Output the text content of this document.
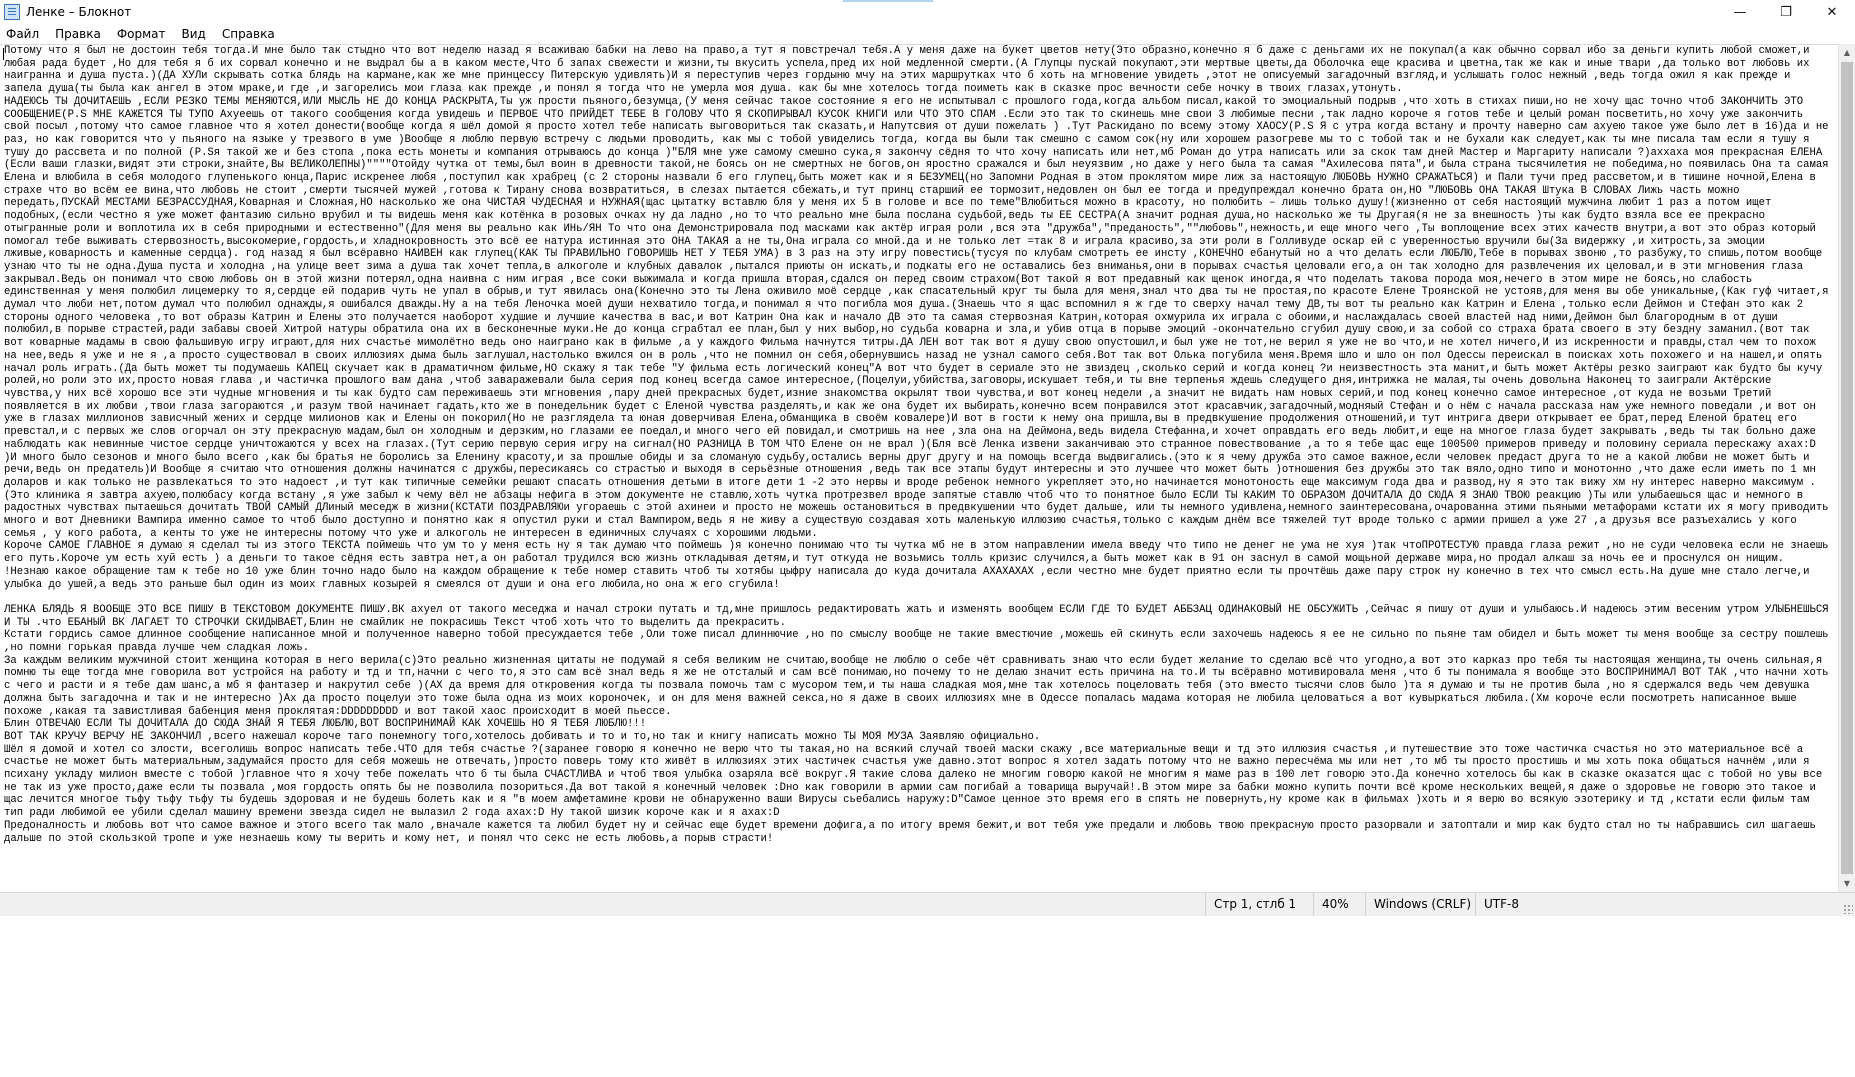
Ленке – Блокнот	—	❐	✕
Файл	Правка	Формат	Вид	Справка
Потому что я был не достоин тебя тогда.И мне было так стыдно что вот неделю назад я всаживаю бабки на лево на право,а тут я повстречал тебя.А у меня даже на букет цветов нету(Это образно,конечно я б даже с деньгами их не покупал(а как обычно сорвал ибо за деньги купить любой сможет,и любая рада будет ,Но для тебя я б их сорвал конечно и не выдрал бы а в каком месте,Что б запах свежести и жизни,ты вкусить успела,пред их ной медленной смерти.(А Глупцы пускай покупают,эти мертвые цветы,да Оболочка еще красива и цветна,так же как и иные твари ,да только вот любовь их наигранна и душа пуста.)(ДА ХУЛи скрывать сотка блядь на кармане,как же мне принцессу Питерскую удивлять)И я переступив через гордыню мчу на этих маршрутках что б хоть на мгновение увидеть ,этот не описуемый загадочный взгляд,и услышать голос нежный ,ведь тогда ожил я как прежде и запела душа(ты была как ангел в этом мраке,и где ,и загорелись мои глаза как прежде ,и понял я тогда что не умерла моя душа. как бы мне хотелось тогда поиметь как в сказке прос вечности себе ночку в твоих глазах,утонуть.
НАДЕЮСЬ ТЫ ДОЧИТАЕШЬ ,ЕСЛИ РЕЗКО ТЕМЫ МЕНЯЮТСЯ,ИЛИ МЫСЛЬ НЕ ДО КОНЦА РАСКРЫТА,Ты уж прости пьяного,безумца,(У меня сейчас такое состояние я его не испытывал с прошлого года,когда альбом писал,какой то эмоциальный подрыв ,что хоть в стихах пиши,но не хочу щас точно чтоб ЗАКОНЧИТЬ ЭТО СООБЩЕНИЕ(P.S МНЕ КАЖЕТСЯ ТЫ ТУПО Ахуеешь от такого сообщения когда увидешь и ПЕРВОЕ ЧТО ПРИЙДЕТ ТЕБЕ В ГОЛОВУ ЧТО Я СКОПИРЫВАЛ КУСОК КНИГИ или ЧТО ЭТО СПАМ .Если это так то скинешь мне свои 3 любимые песни ,так ладно короче я готов тебе и целый роман посветить,но хочу уже закончить свой посыл ,потому что самое главное что я хотел донести(вообще когда я шёл домой я просто хотел тебе написать выговориться так сказать,и Напутсвия от души пожелать ) .Тут Раскидано по всему этому ХАОСУ(P.S Я с утра когда встану и прочту наверно сам ахуею такое уже было лет в 16)да и не раз, но как говорится что у пьяного на языке у трезвого в уме )Вообще я люблю первую встречу с людьми проводить, как мы с тобой увиделись тогда, когда вы были так смешно с самом сок(ну или хорошем разогреве мы то с тобой так и не бухали как следует,как ты мне писала там если я тушу я тушу до рассвета и по полной (P.Sя такой же и без стопа ,пока есть монеты и компания отрываюсь до конца )"БЛЯ мне уже самому смешно сука,я закончу сёдня то что хочу написать или нет,мб Роман до утра написать или за скок там дней Мастер и Маргариту написали ?)аххаха моя прекрасная ЕЛЕНА (Если ваши глазки,видят эти строки,знайте,Вы ВЕЛИКОЛЕПНЫ)""""Отойду чутка от темы,был воин в древности такой,не боясь он не смертных не богов,он яростно сражался и был неуязвим ,но даже у него была та самая "Ахилесова пята",и была страна тысячилетия не победима,но появилась Она та самая Елена и влюбила в себя молодого глупенького юнца,Парис искренее любя ,поступил как храбрец (с 2 стороны назвали б его глупец,быть может как и я БЕЗУМЕЦ(но Запомни Родная в этом проклятом мире лиж за настоящую ЛЮБОВЬ НУЖНО СРАЖАТЬСЯ) и Пали тучи пред рассветом,и в тишине ночной,Елена в страхе что во всём ее вина,что любовь не стоит ,смерти тысячей мужей ,готова к Тирану снова возвратиться, в слезах пытается сбежать,и тут принц старший ее тормозит,недовлен он был ее тогда и предупреждал конечно брата он,НО "ЛЮБОВЬ ОНА ТАКАЯ Штука В СЛОВАХ Лижь часть можно передать,ПУСКАЙ МЕСТАМИ БЕЗРАССУДНАЯ,Коварная и Сложная,НО насколько же она ЧИСТАЯ ЧУДЕСНАЯ и НУЖНАЯ(щас цытатку вставлю бля у меня их 5 в голове и все по теме"Влюбиться можно в красоту, но полюбить – лишь только душу!(жизненно от себя настоящий мужчина любит 1 раз а потом ищет подобных,(если честно я уже может фантазию сильно врубил и ты видешь меня как котёнка в розовых очках ну да ладно ,но то что реально мне была послана судьбой,ведь ты ЕЕ СЕСТРА(А значит родная душа,но насколько же ты Другая(я не за внешность )ты как будто взяла все ее прекрасно отыгранные роли и воплотила их в себя природными и естественно"(Для меня вы реально как ИНь/ЯН То что она Демонстрировала под масками как актёр играя роли ,вся эта "дружба","преданость",""любовь",нежность,и еще много чего ,Ты воплощение всех этих качеств внутри,а вот это образ который помогал тебе выживать стервозность,высокомерие,гордость,и хладнокровность это всё ее натура истинная это ОНА ТАКАЯ а не ты,Она играла со мной.да и не только лет =так 8 и играла красиво,за эти роли в Голливуде оскар ей с уверенностью вручили бы(За видержку ,и хитрость,за эмоции лживые,коварность и каменные сердца). год назад я был всёравно НАИВЕН как глупец(КАК ТЫ ПРАВИЛЬНО ГОВОРИШЬ НЕТ У ТЕБЯ УМА) в 3 раз на эту игру повестись(тусуя по клубам смотреть ее инсту ,КОНЕЧНО ебанутый но а что делать если ЛЮБЛЮ,Тебе в порывах звоню ,то разбужу,то спишь,потом вообще узнаю что ты не одна.Душа пуста и холодна ,на улице веет зима а душа так хочет тепла,в алкоголе и клубных давалок ,пытался приюты он искать,и подкаты его не оставались без вниманья,они в порывах счастья целовали его,а он так холодно для развлечения их целовал,и в эти мгновения глаза закрывал.Ведь он понимал что свою любовь он в этой жизни потерял,одна наивна с ним играя ,все соки выжимала и когда пришла вторая,сдался он перед своим страхом(Вот такой я вот предавный как щенок иногда,я что поделать такова порода моя,нечего в этом мире не боясь,но слабость единственная у меня полюбил лицемерку то я,сердце ей подарив чуть не упал в обрыв,и тут явилась она(Конечно это ты Лена оживило моё сердце ,как спасательный круг ты была для меня,знал что два ты не простая,по красоте Елене Троянской не устояв,для меня вы обе уникальные,(Как гуф читает,я думал что люби нет,потом думал что полюбил однажды,я ошибался дважды.Ну а на тебя Леночка моей души нехватило тогда,и понимал я что погибла моя душа.(Знаешь что я щас вспомнил я ж где то сверху начал тему ДВ,ты вот ты реально как Катрин и Елена ,только если Деймон и Стефан это как 2 стороны одного человека ,то вот образы Катрин и Елены это получается наоборот худшие и лучшие качества в вас,и вот Катрин Она как и начало ДВ это та самая стервозная Катрин,которая охмурила их играла с обоими,и наслаждалась своей властей над ними,Деймон был благородным в от души полюбил,в порыве страстей,ради забавы своей Хитрой натуры обратила она их в бесконечные муки.Не до конца сграбтал ее план,был у них выбор,но судьба коварна и зла,и убив отца в порыве эмоций -окончательно сгубил душу свою,и за собой со страха брата своего в эту бездну заманил.(вот так вот коварные мадамы в свою фальшивую игру играют,для них счастье мимолётно ведь оно наиграно как в фильме ,а у каждого Фильма начнутся титры.ДА ЛЕН вот так вот я душу свою опустошил,и был уже не тот,не верил я уже не во что,и не хотел ничего,И из искренности и правды,стал чем то похож на нее,ведь я уже и не я ,а просто существовал в своих иллюзиях дыма быль заглушал,настолько вжился он в роль ,что не помнил он себя,обернувшись назад не узнал самого себя.Вот так вот Олька погубила меня.Время шло и шло он пол Одессы переискал в поисках хоть похожего и на нашел,и опять начал роль играть.(Да быть может ты подумаешь КАПЕЦ скучает как в драматичном фильме,НО скажу я так тебе "У фильма есть логический конец"А вот что будет в сериале это не звиздец ,сколько серий и когда конец ?и неизвестность эта манит,и быть может Актёры резко заиграют как будто бы кучу ролей,но роли это их,просто новая глава ,и частичка прошлого вам дана ,чтоб заваражевали была серия под конец всегда самое интересное,(Поцелуи,убийства,заговоры,искушает тебя,и ты вне терпенья ждешь следущего дня,интрижка не малая,ты очень довольна Наконец то заиграли Актёрские чувства,у них всё хорошо все эти чудные мгновения и ты как будто сам переживаешь эти мгновения ,пару дней прекрасных будет,изние знакомства окрылят твои чувства,и вот конец недели ,а значит не видать нам новых серий,и под конец конечно самое интересное ,от куда не возьми Третий появляется в их любви ,твои глаза загораются ,и разум твой начинает гадать,кто же в понедельник будет с Еленой чувства разделять,и как же она будет их выбирать,конечно всем понравился этот красавчик,загадочный,модняый Стефан и о нём с начала рассказа нам уже немного поведали ,и вот он уже в глазах миллионов зависчный жених и сердце милионов как и Елены он покорил(Но не разглядела та юная доверчивая Елена,обманщика в своём ковалере)И вот в гости к нему она пришла,вы в предвкушение продолжения отношений,и тут интрига двери открывает ее брат,перед Еленой братец его превстал,и с первых же слов огорчал он эту прекрасную мадам,был он холодным и дерзким,но глазами ее поедал,и много чего ей повидал,и смотришь на нее ,зла она на Деймона,ведь видела Стефанна,и хочет оправдать его ведь любит,и еще на многое глаза будет закрывать ,ведь ты так больно даже наблюдать как невинные чистое сердце уничтожаются у всех на глазах.(Тут серию первую серия игру на сигнал(НО РАЗНИЦА В ТОМ ЧТО Елене он не врал )(Бля всё Ленка извени заканчиваю это странное повествование ,а то я тебе щас еще 100500 примеров приведу и половину сериала перескажу ахах:D )И много было сезонов и много было всего ,как бы братья не боролись за Еленину красоту,и за прошлые обиды и за сломаную судьбу,остались верны друг другу и на помощь всегда выдвигались.(это к я чему дружба это самое важное,если человек предаст друга то не а какой любви не может быть и речи,ведь он предатель)И Вообще я считаю что отношения должны начинатся с дружбы,пересикаясь со страстью и выходя в серьёзные отношения ,ведь так все этапы будут интересны и это лучшее что может быть )отношения без дружбы это так вяло,одно типо и монотонно ,что даже если иметь по 1 мн доларов и как только не развлекаться то это надоест ,и тут как типичные семейки решают спасать отношения детьми в итоге дети 1 -2 это нервы и вроде ребенок немного укрепляет это,но начинается монотоность еще максимум года два и развод,ну я это так вижу хм ну интерес наверно максимум .(Это клиника я завтра ахуею,полюбасу когда встану ,я уже забыл к чему вёл не абзацы нефига в этом документе не ставлю,хоть чутка протрезвел вроде запятые ставлю чтоб что то понятное было ЕСЛИ ТЫ КАКИМ ТО ОБРАЗОМ ДОЧИТАЛА ДО СЮДА Я ЗНАЮ ТВОЮ реакцию )Ты или улыбаешься щас и немного в радостных чувствах пытаешься дочитать ТВОЙ САМЫЙ ДЛиный меседж в жизни(КСТАТИ ПОЗДРАВЛЯЮи угораешь с этой ахинеи и просто не можешь остановиться в предвкушении что будет дальше, или ты немного удивлена,немного заинтересована,очарованна этими пьяными метафорами кстати их я могу приводить много и вот Дневники Вампира именно самое то чтоб было доступно и понятно как я опустил руки и стал Вампиром,ведь я не живу а существую создавая хоть маленькую иллюзию счастья,только с каждым днём все тяжелей тут вроде только с армии пришел а уже 27 ,а друзья все разъехались у кого семья , у кого работа, а кенты то уже не интересны потому что уже и алкоголь не интересен в единичных случаях с хорошими людьми.
Короче САМОЕ ГЛАВНОЕ я думаю я сделал ты из этого ТЕКСТА поймешь что ум то у меня есть ну я так думаю что поймешь )я конечно понимаю что ты чутка мб не в этом направлении имела введу что типо не денег не ума не хуя )так чтоПРОТЕСТУЮ правда глаза режит ,но не суди человека если не знаешь его путь.Короче ум есть хуй есть ) а деньги то такое сёдня есть завтра нет,а он работал трудился всю жизнь откладывая детям,и тут откуда не возьмись толль кризис случился,а быть может как в 91 он заснул в самой мощьной державе мира,но продал алкаш за ночь ее и проснулся он нищим.
!Незнаю какое обращение там к тебе но 10 уже блин точно надо было на каждом обращение к тебе номер ставить чтоб ты хотябы цыфру написала до куда дочитала АХАХАХАХ ,если честно мне будет приятно если ты прочтёшь даже пару строк ну конечно в тех что смысл есть.На душе мне стало легче,и улыбка до ушей,а ведь это раньше был один из моих главных козырей я смеялся от души и она его любила,но она ж его сгубила!

ЛЕНКА БЛЯДЬ Я ВООБЩЕ ЭТО ВСЕ ПИШУ В ТЕКСТОВОМ ДОКУМЕНТЕ ПИШУ.ВК ахуел от такого меседжа и начал строки путать и тд,мне пришлось редактировать жать и изменять вообщем ЕСЛИ ГДЕ ТО БУДЕТ АББЗАЦ ОДИНАКОВЫЙ НЕ ОБСУЖИТЬ ,Сейчас я пишу от души и улыбаюсь.И надеюсь этим весеним утром УЛЫБНЕШЬСЯ И ТЫ .что ЕБАНЫЙ ВК ЛАГАЕТ ТО СТРОЧКИ СКИДЫВАЕТ,Блин не смайлик не покрасишь Текст чтоб хоть что то выделить да прекрасить.
Кстати гордись самое длинное сообщение написанное мной и полученное наверно тобой пресуждается тебе ,Оли тоже писал длиннючие ,но по смыслу вообще не такие вместючие ,можешь ей скинуть если захочешь надеюсь я ее не сильно по пьяне там обидел и быть может ты меня вообще за сестру пошлешь ,но помни горькая правда лучше чем сладкая ложь.
За каждым великим мужчиной стоит женщина которая в него верила(с)Это реально жизненная цитаты не подумай я себя великим не считаю,вообще не люблю о себе чёт сравнивать знаю что если будет желание то сделаю всё что угодно,а вот это карказ про тебя ты настоящая женщина,ты очень сильная,я помню ты еще тогда мне говорила вот устройся на работу и тд и тп,начни с чего то,я это сам всё знал ведь я же не отсталый и сам всё понимаю,но почему то не делаю значит есть причина на то.И ты всёравно мотивировала меня ,что б ты понимала я вообще это ВОСПРИНИМАЛ ВОТ ТАК ,что начни хоть с чего и расти и я тебе дам шанс,а мб я фантазер и накрутил себе )(АХ да время для откровения когда ты позвала помочь там с мусором тем,и ты наша сладкая моя,мне так хотелось поцеловать тебя (это вместо тысячи слов было )та я думаю и ты не против была ,но я сдержался ведь чем девушка должна быть загадочна и так и не интересно )Ах да просто поцелуи это тоже была одна из моих короночек, и он для меня важней секса,но я даже в своих иллюзиях мне в Одессе попалась мадама которая не любила целоваться а вот кувыркаться любила.(Хм короче если посмотреть написанное выше похоже ,какая та завистливая бабенция меня проклятая:DDDDDDDDD и вот такой хаос происходит в моей пьессе.
Блин ОТВЕЧАЮ ЕСЛИ ТЫ ДОЧИТАЛА ДО СЮДА ЗНАЙ Я ТЕБЯ ЛЮБЛЮ,ВОТ ВОСПРИНИМАЙ КАК ХОЧЕШЬ НО Я ТЕБЯ ЛЮБЛЮ!!!
ВОТ ТАК КРУЧУ ВЕРЧУ НЕ ЗАКОНЧИЛ ,всего нажешал короче таго понемногу того,хотелось добивать и то и то,но так и книгу написать можно ТЫ МОЯ МУЗА Заявляю официально.
Шёл я домой и хотел со злости, всеголишь вопрос написать тебе.ЧТО для тебя счастье ?(заранее говорю я конечно не верю что ты такая,но на всякий случай твоей маски скажу ,все материальные вещи и тд это иллюзия счастья ,и путешествие это тоже частичка счастья но это материальное всё а счастье не может быть материальным,задумайся просто для себя можешь не отвечать,)просто поверь тому кто живёт в иллюзиях этих частичек счастья уже давно.этот вопрос я хотел задать потому что не важно пересчёма мы или нет ,то мб ты просто простишь и мы хоть пока общаться начнём ,или я психану укладу милион вместе с тобой )главное что я хочу тебе пожелать что б ты была СЧАСТЛИВА и чтоб твоя улыбка озаряла всё вокруг.Я такие слова далеко не многим говорю какой не многим я маме раз в 100 лет говорю это.Да конечно хотелось бы как в сказке оказатся щас с тобой но увы все не так из уже просто,даже если ты позвала ,моя гордость опять бы не позволила позориться.Да вот такой я конечный человек :Dно как говорили в армии сам погибай а товарища выручай!.В этом мире за бабки можно купить почти всё кроме нескольких вещей,я даже о здоровье не говорю это такое и щас лечится многое тьфу тьфу тьфу ты будешь здоровая и не будешь болеть как и я "в моем амфетамине крови не обнаруженно ваши Вирусы сьебались наружу:D"Самое ценное это время его в спять не повернуть,ну кроме как в фильмах )хоть и я верю во всякую эзотерику и тд ,кстати если фильм там тип ради любимой ее убили сделал машину времени звезда сидел не вылазил 2 года ахах:D Ну такой шизик короче как и я ахах:D
Предоналность и любовь вот что самое важное и этого всего так мало ,вначале кажется та любил будет ну и сейчас еще будет времени дофига,а по итогу время бежит,и вот тебя уже предали и любовь твою прекрасную просто разорвали и затоптали и мир как будто стал но ты набравшись сил шагаешь дальше по этой скользкой тропе и уже незнаешь кому ты верить и кому нет, и понял что секс не есть любовь,а порыв страсти!
▲
▼
Стр 1, стлб 1	40%	Windows (CRLF)	UTF-8
